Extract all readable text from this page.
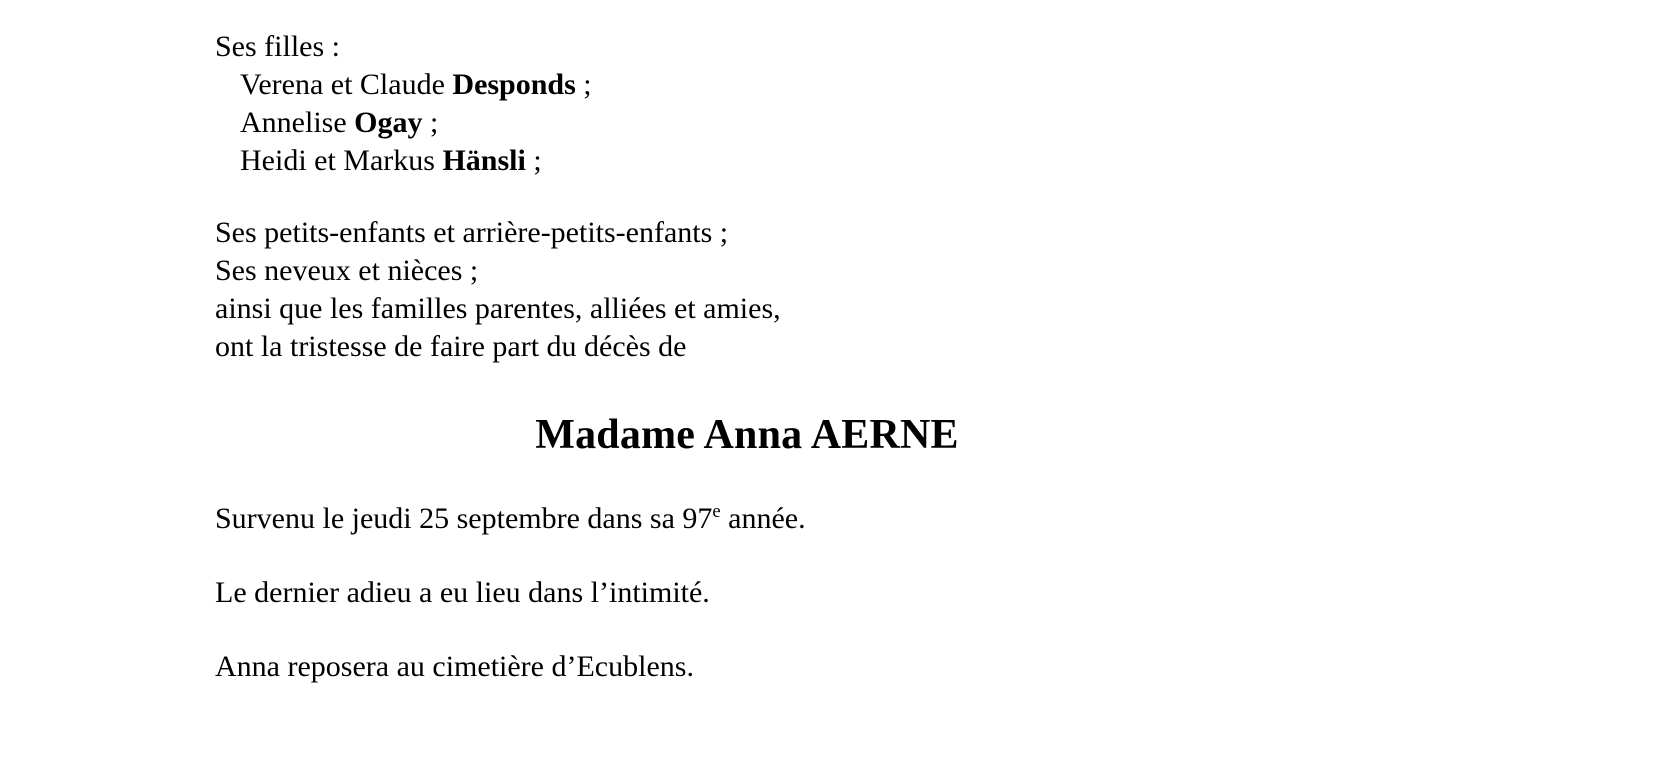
Ses filles :
Verena et Claude Desponds ;
Annelise Ogay ;
Heidi et Markus Hänsli ;
Ses petits-enfants et arrière-petits-enfants ;
Ses neveux et nièces ;
ainsi que les familles parentes, alliées et amies,
ont la tristesse de faire part du décès de
Madame Anna AERNE
Survenu le jeudi 25 septembre dans sa 97e année.
Le dernier adieu a eu lieu dans l’intimité.
Anna reposera au cimetière d’Ecublens.
